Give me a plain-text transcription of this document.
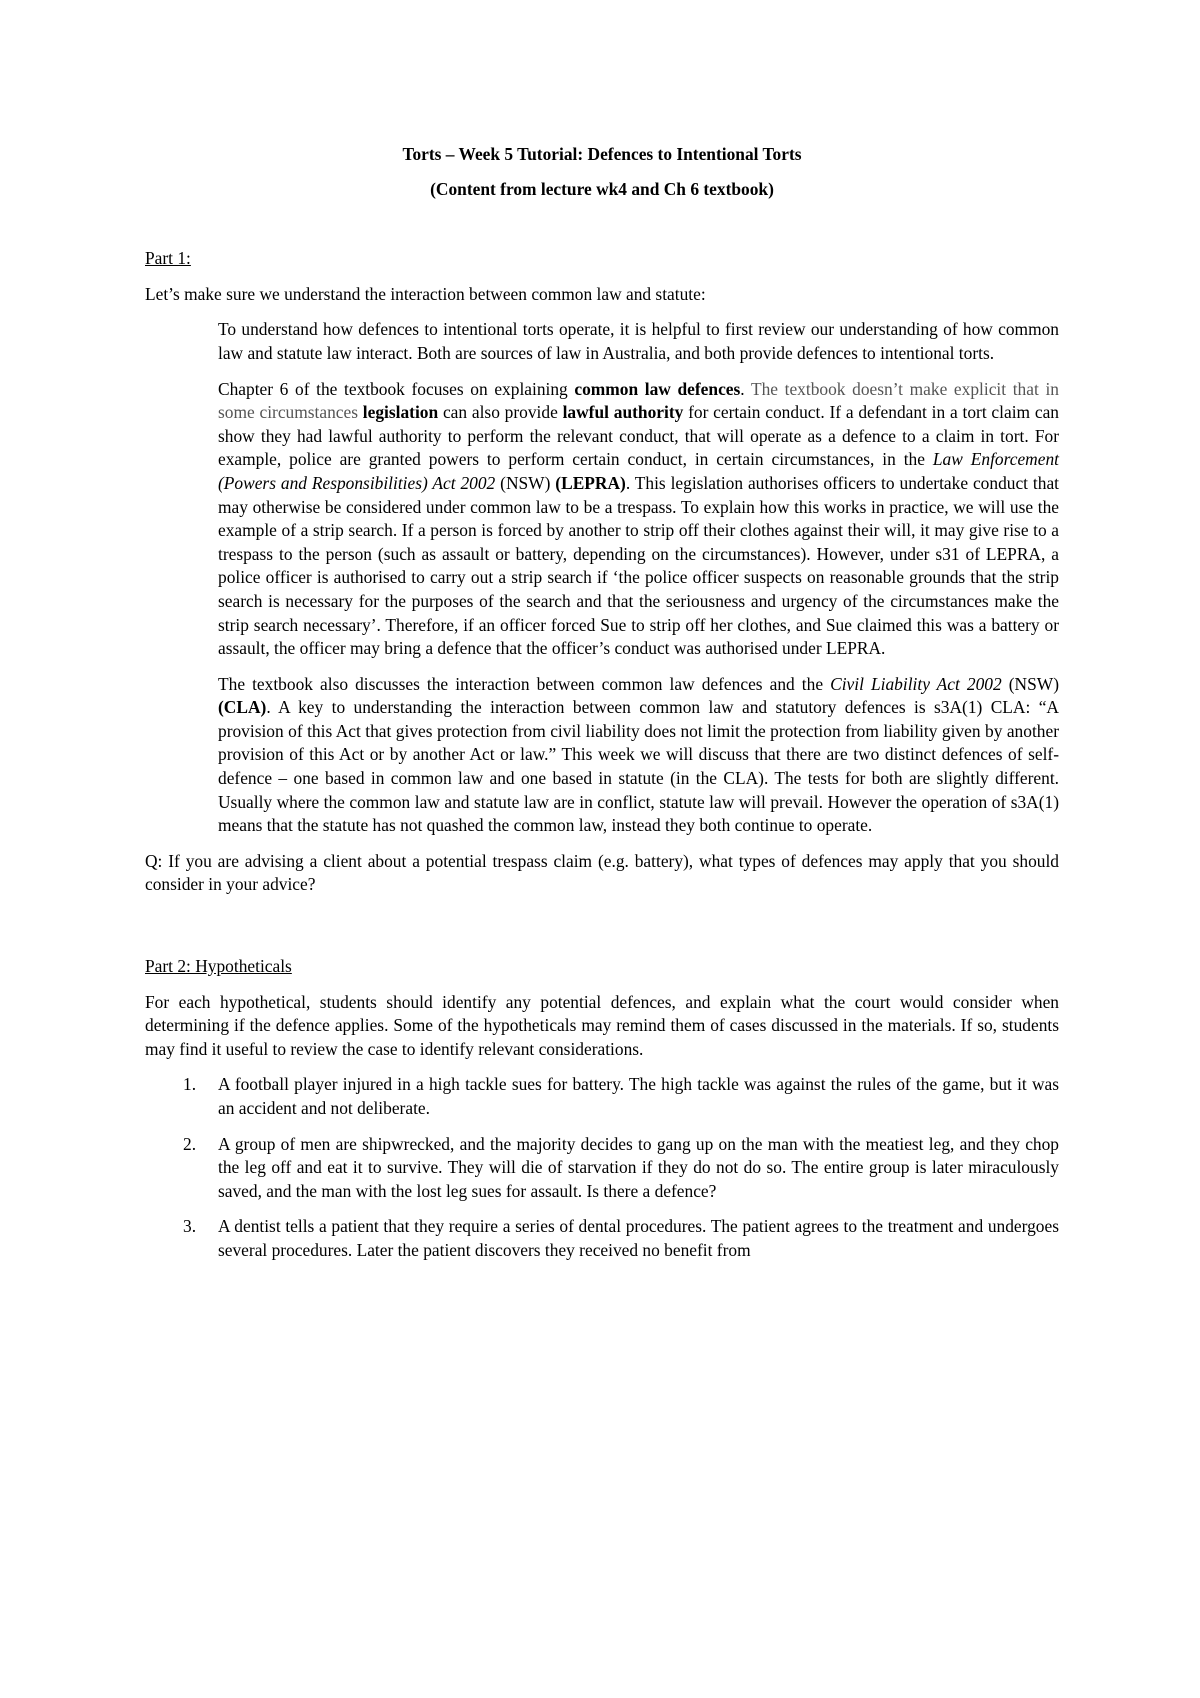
Torts – Week 5 Tutorial: Defences to Intentional Torts

(Content from lecture wk4 and Ch 6 textbook)

Part 1:

Let’s make sure we understand the interaction between common law and statute:

To understand how defences to intentional torts operate, it is helpful to first review our understanding of how common law and statute law interact. Both are sources of law in Australia, and both provide defences to intentional torts.

Chapter 6 of the textbook focuses on explaining common law defences. The textbook doesn’t make explicit that in some circumstances legislation can also provide lawful authority for certain conduct. If a defendant in a tort claim can show they had lawful authority to perform the relevant conduct, that will operate as a defence to a claim in tort. For example, police are granted powers to perform certain conduct, in certain circumstances, in the Law Enforcement (Powers and Responsibilities) Act 2002 (NSW) (LEPRA). This legislation authorises officers to undertake conduct that may otherwise be considered under common law to be a trespass. To explain how this works in practice, we will use the example of a strip search. If a person is forced by another to strip off their clothes against their will, it may give rise to a trespass to the person (such as assault or battery, depending on the circumstances). However, under s31 of LEPRA, a police officer is authorised to carry out a strip search if ‘the police officer suspects on reasonable grounds that the strip search is necessary for the purposes of the search and that the seriousness and urgency of the circumstances make the strip search necessary’. Therefore, if an officer forced Sue to strip off her clothes, and Sue claimed this was a battery or assault, the officer may bring a defence that the officer’s conduct was authorised under LEPRA.

The textbook also discusses the interaction between common law defences and the Civil Liability Act 2002 (NSW) (CLA). A key to understanding the interaction between common law and statutory defences is s3A(1) CLA: “A provision of this Act that gives protection from civil liability does not limit the protection from liability given by another provision of this Act or by another Act or law.” This week we will discuss that there are two distinct defences of self-defence – one based in common law and one based in statute (in the CLA). The tests for both are slightly different. Usually where the common law and statute law are in conflict, statute law will prevail. However the operation of s3A(1) means that the statute has not quashed the common law, instead they both continue to operate.

Q: If you are advising a client about a potential trespass claim (e.g. battery), what types of defences may apply that you should consider in your advice?

Part 2: Hypotheticals

For each hypothetical, students should identify any potential defences, and explain what the court would consider when determining if the defence applies. Some of the hypotheticals may remind them of cases discussed in the materials. If so, students may find it useful to review the case to identify relevant considerations.

1. A football player injured in a high tackle sues for battery. The high tackle was against the rules of the game, but it was an accident and not deliberate.
2. A group of men are shipwrecked, and the majority decides to gang up on the man with the meatiest leg, and they chop the leg off and eat it to survive. They will die of starvation if they do not do so. The entire group is later miraculously saved, and the man with the lost leg sues for assault. Is there a defence?
3. A dentist tells a patient that they require a series of dental procedures. The patient agrees to the treatment and undergoes several procedures. Later the patient discovers they received no benefit from
